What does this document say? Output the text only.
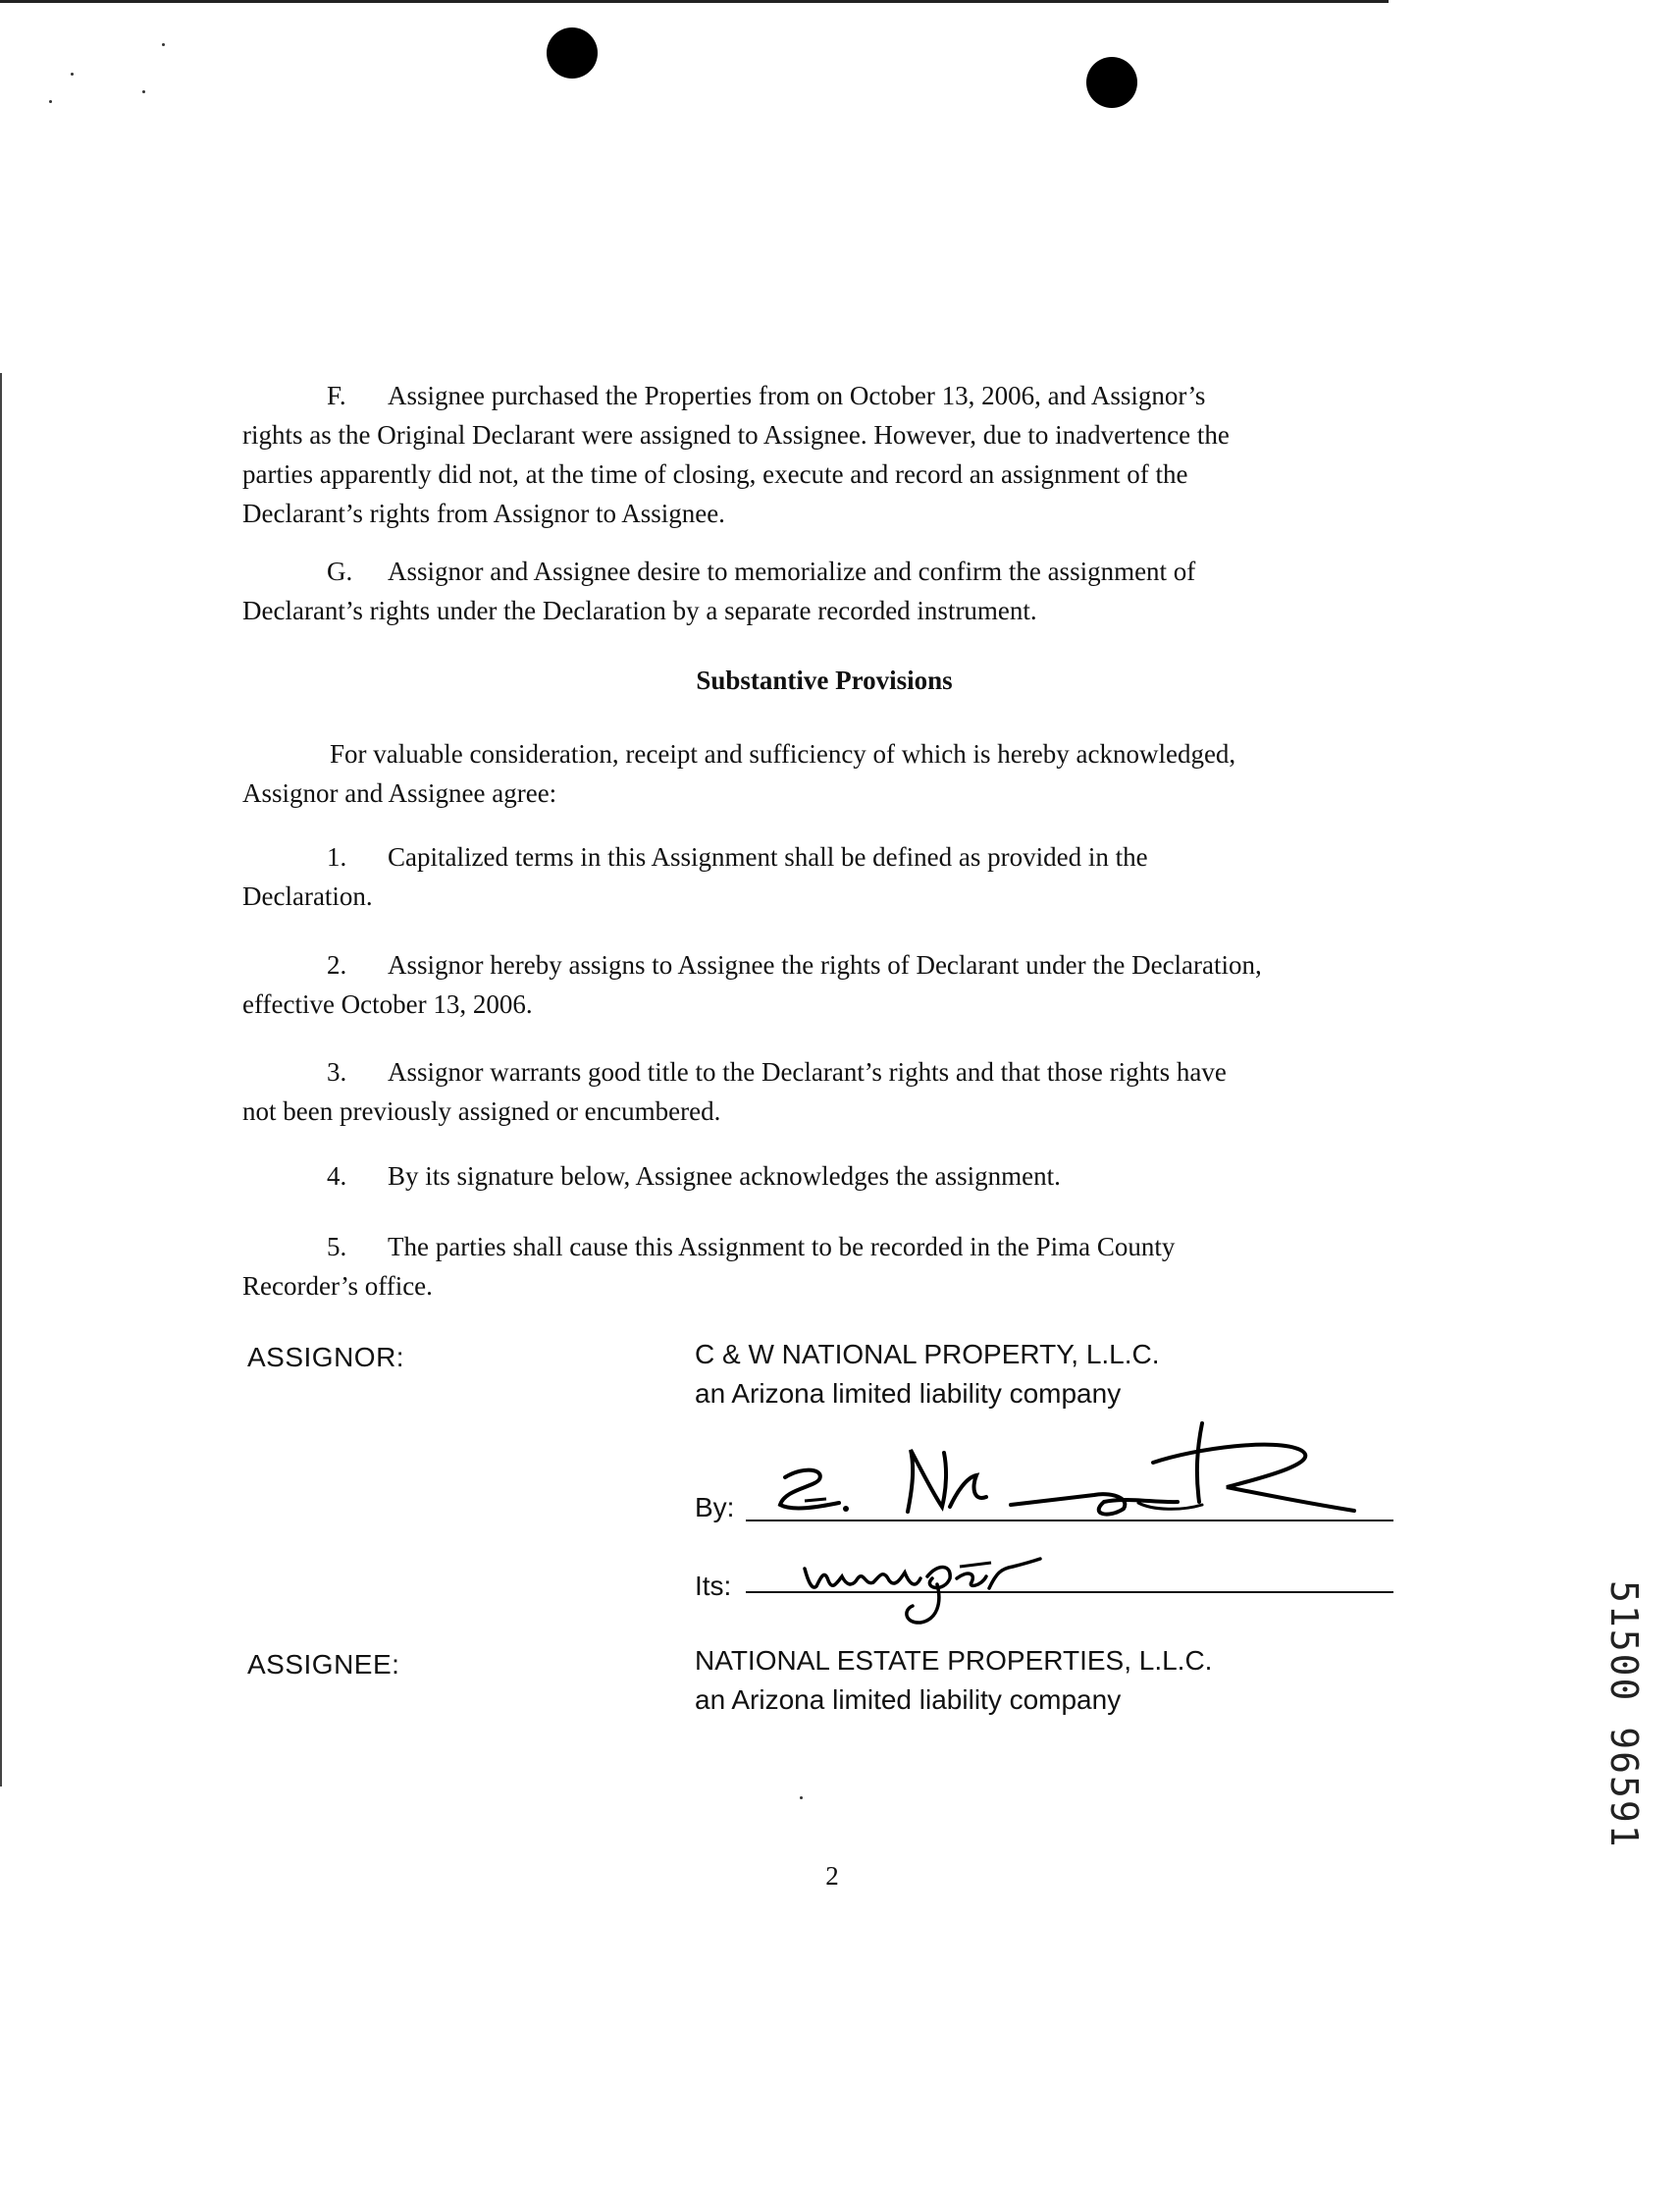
F. Assignee purchased the Properties from on October 13, 2006, and Assignor’s
rights as the Original Declarant were assigned to Assignee. However, due to inadvertence the
parties apparently did not, at the time of closing, execute and record an assignment of the
Declarant’s rights from Assignor to Assignee.
G. Assignor and Assignee desire to memorialize and confirm the assignment of
Declarant’s rights under the Declaration by a separate recorded instrument.
Substantive Provisions
For valuable consideration, receipt and sufficiency of which is hereby acknowledged,
Assignor and Assignee agree:
1. Capitalized terms in this Assignment shall be defined as provided in the
Declaration.
2. Assignor hereby assigns to Assignee the rights of Declarant under the Declaration,
effective October 13, 2006.
3. Assignor warrants good title to the Declarant’s rights and that those rights have
not been previously assigned or encumbered.
4. By its signature below, Assignee acknowledges the assignment.
5. The parties shall cause this Assignment to be recorded in the Pima County
Recorder’s office.
ASSIGNOR:	C & W NATIONAL PROPERTY, L.L.C.
an Arizona limited liability company
By:
Its:
ASSIGNEE:	NATIONAL ESTATE PROPERTIES, L.L.C.
an Arizona limited liability company
2
51500 96591
